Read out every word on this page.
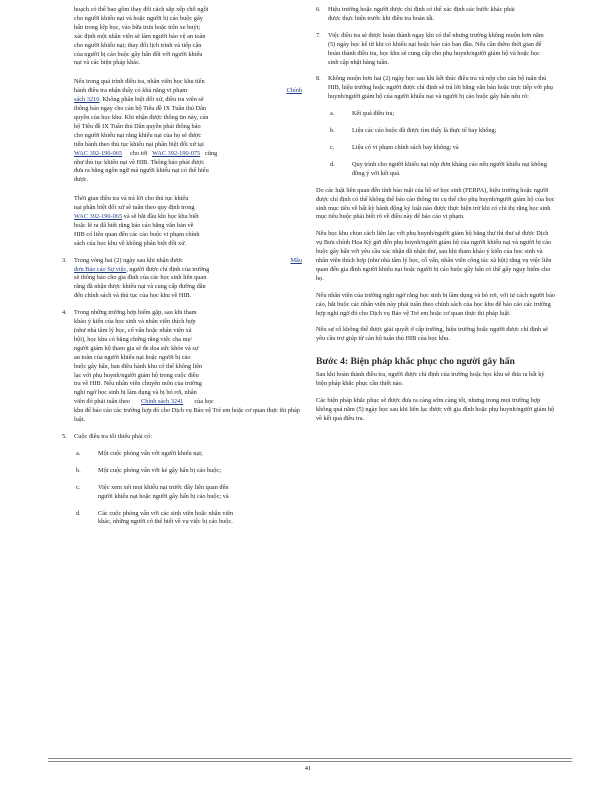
hoạch có thể bao gồm thay đổi cách sắp xếp chỗ ngồi
cho người khiếu nại và hoặc người bị cáo buộc gây
hấn trong lớp học, vào bữa trưa hoặc trên xe buýt;
xác định một nhân viên sẽ làm người bảo vệ an toàn
cho người khiếu nại; thay đổi lịch trình và tiếp cận
của người bị cáo buộc gây hấn đối với người khiếu
nại và các biện pháp khác.

Nếu trong quá trình điều tra, nhân viên học khu tiến
hành điều tra nhận thấy có khả năng vi phạm	Chính

sách 3210. Không phân biệt đối xử, điều tra viên sẽ
thông báo ngay cho cán bộ Tiêu đề IX Tuân thủ Dân
quyền của học khu. Khi nhận được thông tin này, cán
bộ Tiêu đề IX Tuân thủ Dân quyền phải thông báo
cho người khiếu nại rằng khiếu nại của họ sẽ được
tiến hành theo thủ tục khiếu nại phân biệt đối xử tại
WAC 392-190-065 cho tới WAC 392-190-075 cũng
như thủ tục khiếu nại về HIB. Thông báo phải được
đưa ra bằng ngôn ngữ mà người khiếu nại có thể hiểu
được.

Thời gian điều tra và trả lời cho thủ tục khiếu
nại phân biệt đối xử sẽ tuân theo quy định trong
WAC 392-190-065 và sẽ bắt đầu khi học khu biết
hoặc lẽ ra đã biết rằng báo cáo bằng văn bản về
HIB có liên quan đến các cáo buộc vi phạm chính
sách của học khu về không phân biệt đối xử.

3. Trong vòng hai (2) ngày sau khi nhận được	Mẫu

đơn Báo cáo Sự việc, người được chỉ định của trường
sẽ thông báo cho gia đình của các học sinh liên quan
rằng đã nhận được khiếu nại và cung cấp đường dẫn
đến chính sách và thủ tục của học khu về HIB.
4. Trong những trường hợp hiếm gặp, sau khi tham
khảo ý kiến của học sinh và nhân viên thích hợp
(như nhà tâm lý học, cố vấn hoặc nhân viên xã
hội), học khu có bằng chứng rằng việc cha mẹ/
người giám hộ tham gia sẽ đe dọa sức khỏe và sự
an toàn của người khiếu nại hoặc người bị cáo
buộc gây hấn, ban điều hành khu có thể không liên
lạc với phụ huynh/người giám hộ trong cuộc điều
tra về HIB. Nếu nhân viên chuyên môn của trường
nghi ngờ học sinh bị làm dụng và bị bỏ rơi, nhân
viên đó phải tuân theo Chính sách 3241 của học
khu để báo cáo các trường hợp đó cho Dịch vụ Bảo vệ Trẻ em hoặc cơ quan thực thi pháp luật.
5. Cuộc điều tra tối thiểu phải có:
a.	Một cuộc phỏng vấn với người khiếu nại;
b.	Một cuộc phỏng vấn với kẻ gây hấn bị cáo buộc;
c.	Việc xem xét mọi khiếu nại trước đây liên quan đến người khiếu nại hoặc người gây hấn bị cáo buộc; và
d.	Các cuộc phỏng vấn với các sinh viên hoặc nhân viên khác, những người có thể biết về vụ việc bị cáo buộc.
6. Hiệu trưởng hoặc người được chỉ định có thể xác định các bước khác phải được thực hiện trước khi điều tra hoàn tất.
7. Việc điều tra sẽ được hoàn thành ngay khi có thể nhưng trường không muộn hơn năm (5) ngày học kể từ khi có khiếu nại hoặc báo cáo ban đầu. Nếu cần thêm thời gian để hoàn thành điều tra, học khu sẽ cung cấp cho phụ huynh/người giám hộ và hoặc học sinh cập nhật hàng tuần.
8. Không muộn hơn hai (2) ngày học sau khi kết thúc điều tra và nộp cho cán bộ tuân thủ HIB, hiệu trưởng hoặc người được chỉ định sẽ trả lời bằng văn bản hoặc trực tiếp với phụ huynh/người giám hộ của người khiếu nại và người bị cáo buộc gây hấn nêu rõ:
a.	Kết quả điều tra;
b.	Liệu các cáo buộc đã được tìm thấy là thực tế hay không;
c.	Liệu có vi phạm chính sách hay không; và
d.	Quy trình cho người khiếu nại nộp đơn kháng cáo nếu người khiếu nại không đồng ý với kết quả.

Do các luật liên quan đến tính bảo mật của hồ sơ học sinh (FERPA), hiệu trưởng hoặc người được chỉ định có thể không thể báo cáo thông tin cụ thể cho phụ huynh/người giám hộ của học sinh mục tiêu về bất kỳ hành động kỷ luật nào được thực hiện trừ khi có chỉ thị rằng học sinh mục tiêu buộc phải biết rõ về điều này để báo cáo vi phạm.

Nếu học khu chọn cách liên lạc với phụ huynh/người giám hộ bằng thư thì thư sẽ được Dịch vụ Bưu chính Hoa Kỳ gửi đến phụ huynh/người giám hộ của người khiếu nại và người bị cáo buộc gây hấn với yêu cầu xác nhận đã nhận thư, sau khi tham khảo ý kiến của học sinh và nhân viên thích hợp (như nhà tâm lý học, cố vấn, nhân viên công tác xã hội) rằng vụ việc liên quan đến gia đình người khiếu nại hoặc người bị cáo buộc gây hấn có thể gây nguy hiểm cho họ.

Nếu nhân viên của trường nghi ngờ rằng học sinh bị làm dụng và bỏ rơi, với tư cách người báo cáo, bắt buộc các nhân viên này phải tuân theo chính sách của học khu để báo cáo các trường hợp nghi ngờ đó cho Dịch vụ Bảo vệ Trẻ em hoặc cơ quan thực thi pháp luật.

Nếu sự cố không thể được giải quyết ở cấp trường, hiệu trưởng hoặc người được chỉ định sẽ yêu cầu trợ giúp từ cán bộ tuân thủ HIB của học khu.

Bước 4: Biện pháp khắc phục cho người gây hấn

Sau khi hoàn thành điều tra, người được chỉ định của trường hoặc học khu sẽ đưa ra bất kỳ biện pháp khắc phục cần thiết nào.

Các biện pháp khắc phục sẽ được đưa ra càng sớm càng tốt, nhưng trong mọi trường hợp không quá năm (5) ngày học sau khi liên lạc được với gia đình hoặc phụ huynh/người giám hộ về kết quả điều tra.

41
